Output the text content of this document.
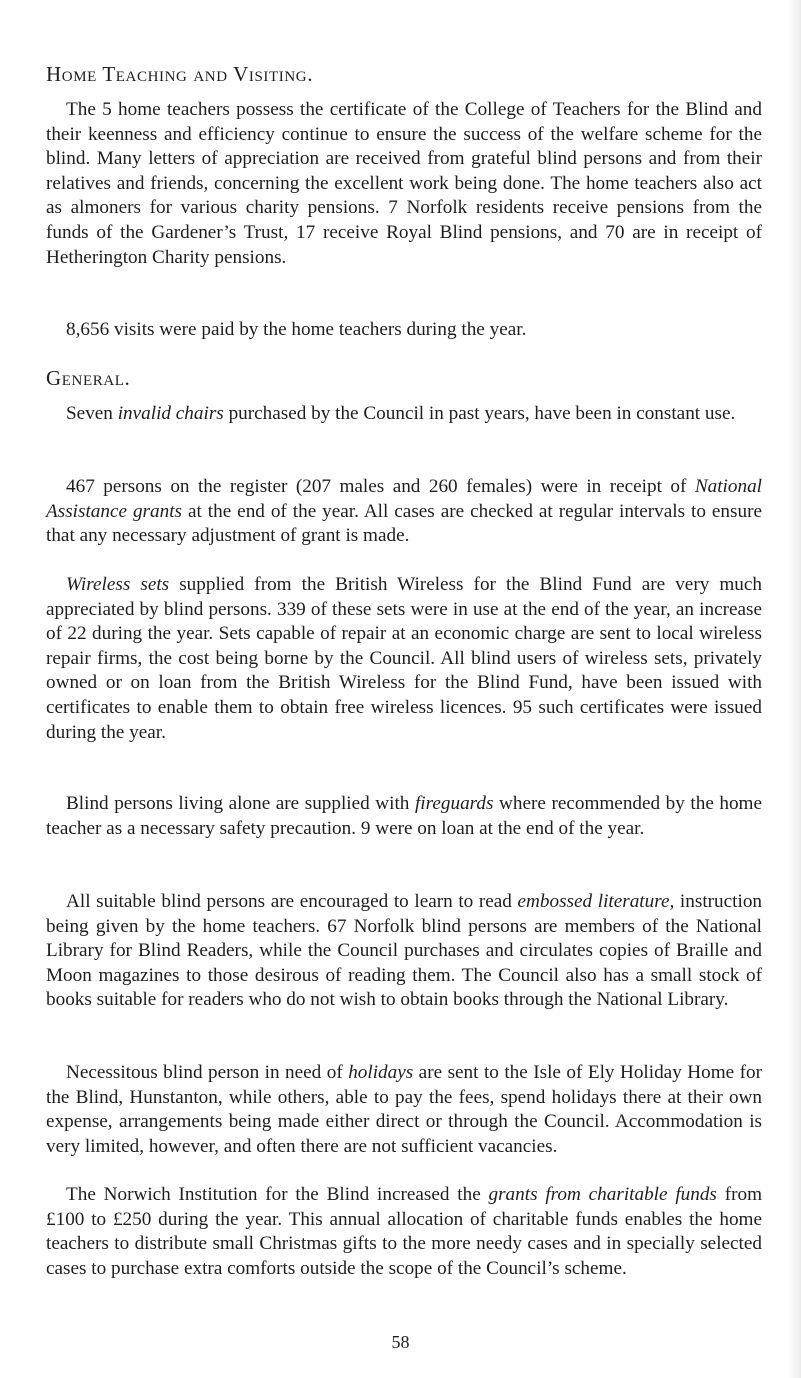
Home Teaching and Visiting.

The 5 home teachers possess the certificate of the College of Teachers for the Blind and their keenness and efficiency continue to ensure the success of the welfare scheme for the blind. Many letters of appreciation are received from grateful blind persons and from their relatives and friends, concerning the excellent work being done. The home teachers also act as almoners for various charity pensions. 7 Norfolk residents receive pensions from the funds of the Gardener’s Trust, 17 receive Royal Blind pensions, and 70 are in receipt of Hetherington Charity pensions.

8,656 visits were paid by the home teachers during the year.

General.

Seven invalid chairs purchased by the Council in past years, have been in constant use.

467 persons on the register (207 males and 260 females) were in receipt of National Assistance grants at the end of the year. All cases are checked at regular intervals to ensure that any necessary adjustment of grant is made.

Wireless sets supplied from the British Wireless for the Blind Fund are very much appreciated by blind persons. 339 of these sets were in use at the end of the year, an increase of 22 during the year. Sets capable of repair at an economic charge are sent to local wireless repair firms, the cost being borne by the Council. All blind users of wireless sets, privately owned or on loan from the British Wireless for the Blind Fund, have been issued with certificates to enable them to obtain free wireless licences. 95 such certificates were issued during the year.

Blind persons living alone are supplied with fireguards where recommended by the home teacher as a necessary safety precaution. 9 were on loan at the end of the year.

All suitable blind persons are encouraged to learn to read embossed literature, instruction being given by the home teachers. 67 Norfolk blind persons are members of the National Library for Blind Readers, while the Council purchases and circulates copies of Braille and Moon magazines to those desirous of reading them. The Council also has a small stock of books suitable for readers who do not wish to obtain books through the National Library.

Necessitous blind person in need of holidays are sent to the Isle of Ely Holiday Home for the Blind, Hunstanton, while others, able to pay the fees, spend holidays there at their own expense, arrangements being made either direct or through the Council. Accommodation is very limited, however, and often there are not sufficient vacancies.

The Norwich Institution for the Blind increased the grants from charitable funds from £100 to £250 during the year. This annual allocation of charitable funds enables the home teachers to distribute small Christmas gifts to the more needy cases and in specially selected cases to purchase extra comforts outside the scope of the Council’s scheme.

58
